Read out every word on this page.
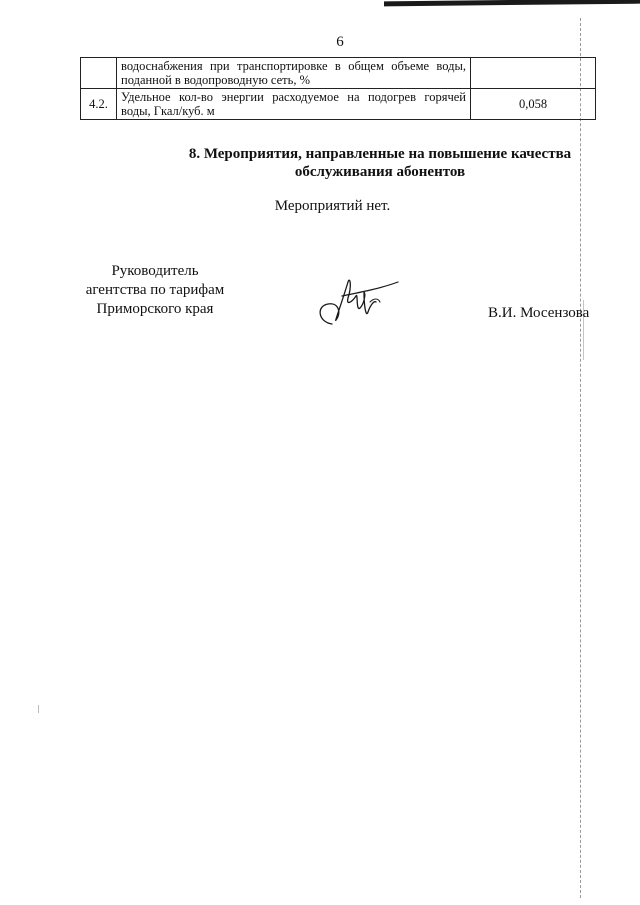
6
	водоснабжения при транспортировке в общем объеме воды, поданной в водопроводную сеть, %	
4.2.	Удельное кол-во энергии расходуемое на подогрев горячей воды, Гкал/куб. м	0,058
8. Мероприятия, направленные на повышение качества
обслуживания абонентов
Мероприятий нет.
Руководитель
агентства по тарифам
Приморского края	В.И. Мосензова
